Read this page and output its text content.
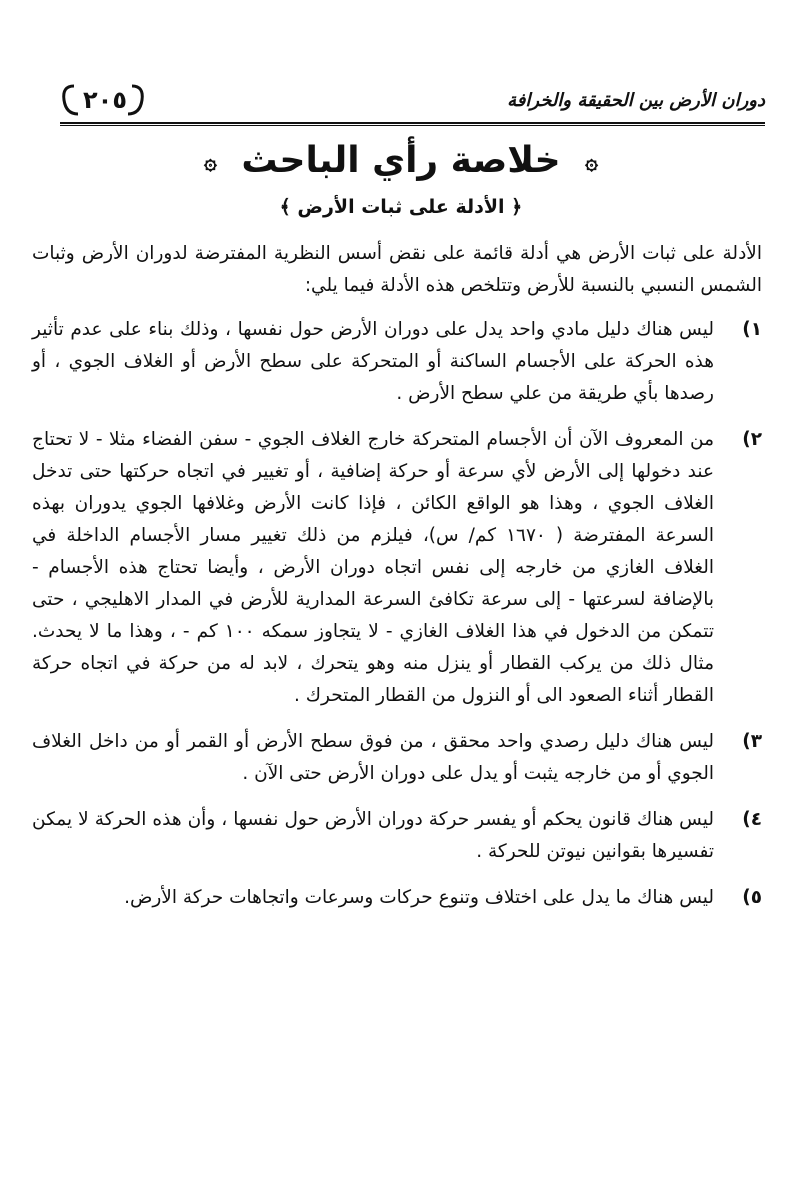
دوران الأرض بين الحقيقة والخرافة
٢٠٥
۞ خلاصة رأي الباحث ۞
﴿ الأدلة على ثبات الأرض ﴾

الأدلة على ثبات الأرض هي أدلة قائمة على نقض أسس النظرية المفترضة لدوران الأرض وثبات الشمس النسبي بالنسبة للأرض وتتلخص هذه الأدلة فيما يلي:

١)
ليس هناك دليل مادي واحد يدل على دوران الأرض حول نفسها ، وذلك بناء على عدم تأثير هذه الحركة على الأجسام الساكنة أو المتحركة على سطح الأرض أو الغلاف الجوي ، أو رصدها بأي طريقة من علي سطح الأرض .
٢)
من المعروف الآن أن الأجسام المتحركة خارج الغلاف الجوي - سفن الفضاء مثلا - لا تحتاج عند دخولها إلى الأرض لأي سرعة أو حركة إضافية ، أو تغيير في اتجاه حركتها حتى تدخل الغلاف الجوي ، وهذا هو الواقع الكائن ، فإذا كانت الأرض وغلافها الجوي يدوران بهذه السرعة المفترضة ( ١٦٧٠ كم/ س)، فيلزم من ذلك تغيير مسار الأجسام الداخلة في الغلاف الغازي من خارجه إلى نفس اتجاه دوران الأرض ، وأيضا تحتاج هذه الأجسام - بالإضافة لسرعتها - إلى سرعة تكافئ السرعة المدارية للأرض في المدار الاهليجي ، حتى تتمكن من الدخول في هذا الغلاف الغازي - لا يتجاوز سمكه ١٠٠ كم - ، وهذا ما لا يحدث. مثال ذلك من يركب القطار أو ينزل منه وهو يتحرك ، لابد له من حركة في اتجاه حركة القطار أثناء الصعود الى أو النزول من القطار المتحرك .
٣)
ليس هناك دليل رصدي واحد محقق ، من فوق سطح الأرض أو القمر أو من داخل الغلاف الجوي أو من خارجه يثبت أو يدل على دوران الأرض حتى الآن .
٤)
ليس هناك قانون يحكم أو يفسر حركة دوران الأرض حول نفسها ، وأن هذه الحركة لا يمكن تفسيرها بقوانين نيوتن للحركة .
٥)
ليس هناك ما يدل على اختلاف وتنوع حركات وسرعات واتجاهات حركة الأرض.
